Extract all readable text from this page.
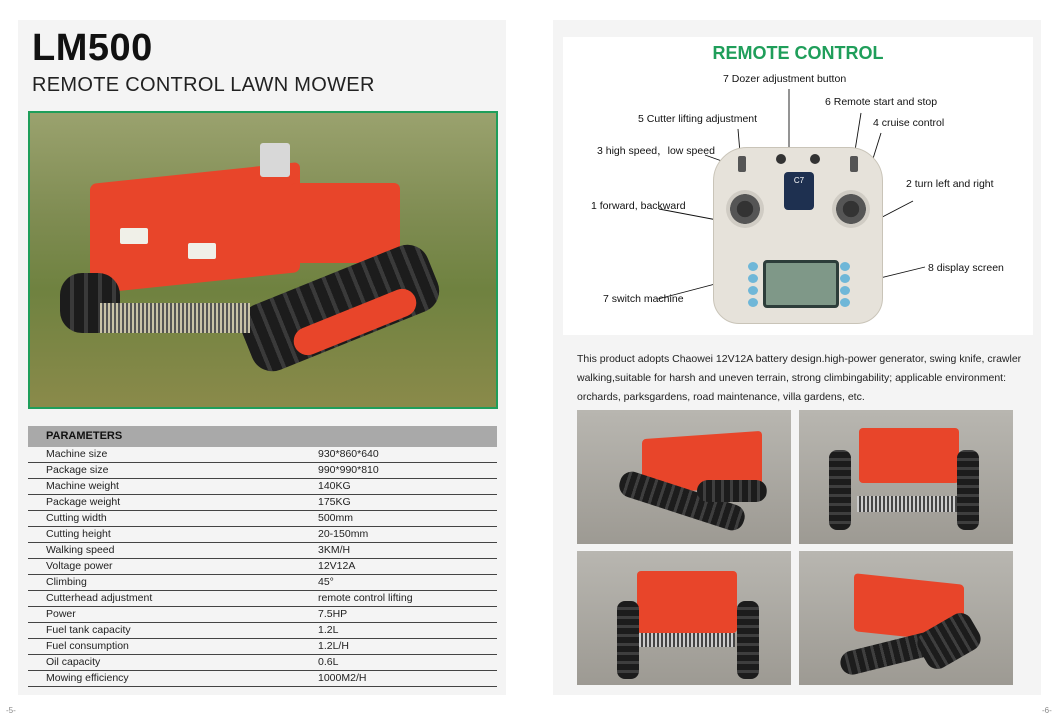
LM500
REMOTE CONTROL LAWN MOWER
PARAMETERS
Machine size	930*860*640
Package size	990*990*810
Machine weight	140KG
Package weight	175KG
Cutting width	500mm
Cutting height	20-150mm
Walking speed	3KM/H
Voltage power	12V12A
Climbing	45°
Cutterhead adjustment	remote control lifting
Power	7.5HP
Fuel tank capacity	1.2L
Fuel consumption	1.2L/H
Oil capacity	0.6L
Mowing efficiency	1000M2/H
-5-
REMOTE CONTROL
7 Dozer adjustment button
6 Remote start and stop
5 Cutter lifting adjustment	4 cruise control
3 high speed，low speed
2 turn left and right
1 forward, backward
8 display screen
7 switch machine
C7
This product adopts Chaowei 12V12A battery design.high-power generator, swing knife, crawler walking,suitable for harsh and uneven terrain, strong climbingability; applicable environment: orchards, parksgardens, road maintenance, villa gardens, etc.
-6-
